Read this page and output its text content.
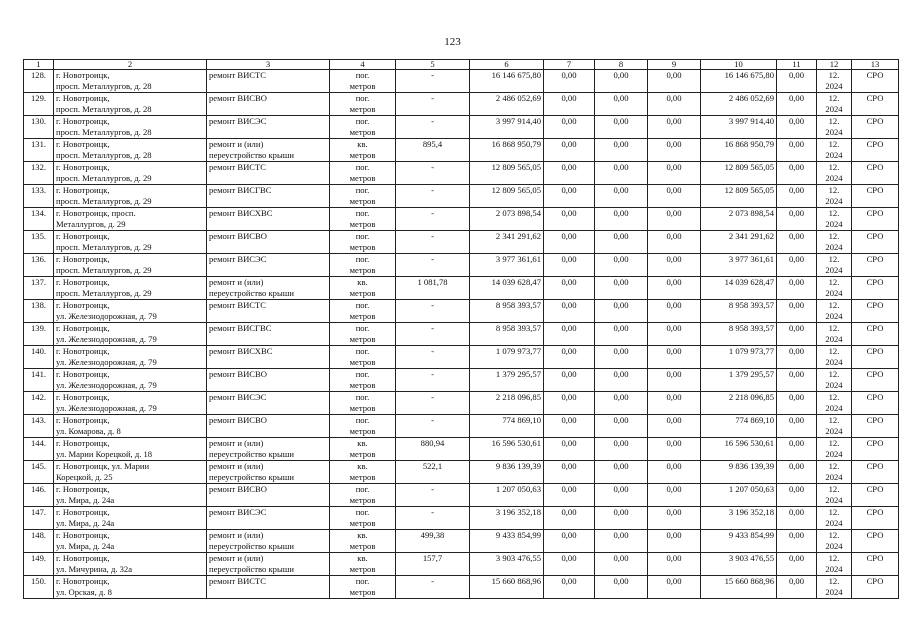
123
1	2	3	4	5	6	7	8	9	10	11	12	13

128.	г. Новотроицк,
просп. Металлургов, д. 28	ремонт ВИСТС	пог.
метров	-	16 146 675,80	0,00	0,00	0,00	16 146 675,80	0,00	12.
2024	СРО

129.	г. Новотроицк,
просп. Металлургов, д. 28	ремонт ВИСВО	пог.
метров	-	2 486 052,69	0,00	0,00	0,00	2 486 052,69	0,00	12.
2024	СРО

130.	г. Новотроицк,
просп. Металлургов, д. 28	ремонт ВИСЭС	пог.
метров	-	3 997 914,40	0,00	0,00	0,00	3 997 914,40	0,00	12.
2024	СРО

131.	г. Новотроицк,
просп. Металлургов, д. 28	ремонт и (или)
переустройство крыши	кв.
метров	895,4	16 868 950,79	0,00	0,00	0,00	16 868 950,79	0,00	12.
2024	СРО

132.	г. Новотроицк,
просп. Металлургов, д. 29	ремонт ВИСТС	пог.
метров	-	12 809 565,05	0,00	0,00	0,00	12 809 565,05	0,00	12.
2024	СРО

133.	г. Новотроицк,
просп. Металлургов, д. 29	ремонт ВИСГВС	пог.
метров	-	12 809 565,05	0,00	0,00	0,00	12 809 565,05	0,00	12.
2024	СРО

134.	г. Новотроицк, просп.
Металлургов, д. 29	ремонт ВИСХВС	пог.
метров	-	2 073 898,54	0,00	0,00	0,00	2 073 898,54	0,00	12.
2024	СРО

135.	г. Новотроицк,
просп. Металлургов, д. 29	ремонт ВИСВО	пог.
метров	-	2 341 291,62	0,00	0,00	0,00	2 341 291,62	0,00	12.
2024	СРО

136.	г. Новотроицк,
просп. Металлургов, д. 29	ремонт ВИСЭС	пог.
метров	-	3 977 361,61	0,00	0,00	0,00	3 977 361,61	0,00	12.
2024	СРО

137.	г. Новотроицк,
просп. Металлургов, д. 29	ремонт и (или)
переустройство крыши	кв.
метров	1 081,78	14 039 628,47	0,00	0,00	0,00	14 039 628,47	0,00	12.
2024	СРО

138.	г. Новотроицк,
ул. Железнодорожная, д. 79	ремонт ВИСТС	пог.
метров	-	8 958 393,57	0,00	0,00	0,00	8 958 393,57	0,00	12.
2024	СРО

139.	г. Новотроицк,
ул. Железнодорожная, д. 79	ремонт ВИСГВС	пог.
метров	-	8 958 393,57	0,00	0,00	0,00	8 958 393,57	0,00	12.
2024	СРО

140.	г. Новотроицк,
ул. Железнодорожная, д. 79	ремонт ВИСХВС	пог.
метров	-	1 079 973,77	0,00	0,00	0,00	1 079 973,77	0,00	12.
2024	СРО

141.	г. Новотроицк,
ул. Железнодорожная, д. 79	ремонт ВИСВО	пог.
метров	-	1 379 295,57	0,00	0,00	0,00	1 379 295,57	0,00	12.
2024	СРО

142.	г. Новотроицк,
ул. Железнодорожная, д. 79	ремонт ВИСЭС	пог.
метров	-	2 218 096,85	0,00	0,00	0,00	2 218 096,85	0,00	12.
2024	СРО

143.	г. Новотроицк,
ул. Комарова, д. 8	ремонт ВИСВО	пог.
метров	-	774 869,10	0,00	0,00	0,00	774 869,10	0,00	12.
2024	СРО

144.	г. Новотроицк,
ул. Марии Корецкой, д. 18	ремонт и (или)
переустройство крыши	кв.
метров	880,94	16 596 530,61	0,00	0,00	0,00	16 596 530,61	0,00	12.
2024	СРО

145.	г. Новотроицк, ул. Марии
Корецкой, д. 25	ремонт и (или)
переустройство крыши	кв.
метров	522,1	9 836 139,39	0,00	0,00	0,00	9 836 139,39	0,00	12.
2024	СРО

146.	г. Новотроицк,
ул. Мира, д. 24а	ремонт ВИСВО	пог.
метров	-	1 207 050,63	0,00	0,00	0,00	1 207 050,63	0,00	12.
2024	СРО

147.	г. Новотроицк,
ул. Мира, д. 24а	ремонт ВИСЭС	пог.
метров	-	3 196 352,18	0,00	0,00	0,00	3 196 352,18	0,00	12.
2024	СРО

148.	г. Новотроицк,
ул. Мира, д. 24а	ремонт и (или)
переустройство крыши	кв.
метров	499,38	9 433 854,99	0,00	0,00	0,00	9 433 854,99	0,00	12.
2024	СРО

149.	г. Новотроицк,
ул. Мичурина, д. 32а	ремонт и (или)
переустройство крыши	кв.
метров	157,7	3 903 476,55	0,00	0,00	0,00	3 903 476,55	0,00	12.
2024	СРО

150.	г. Новотроицк,
ул. Орская, д. 8	ремонт ВИСТС	пог.
метров	-	15 660 868,96	0,00	0,00	0,00	15 660 868,96	0,00	12.
2024	СРО
